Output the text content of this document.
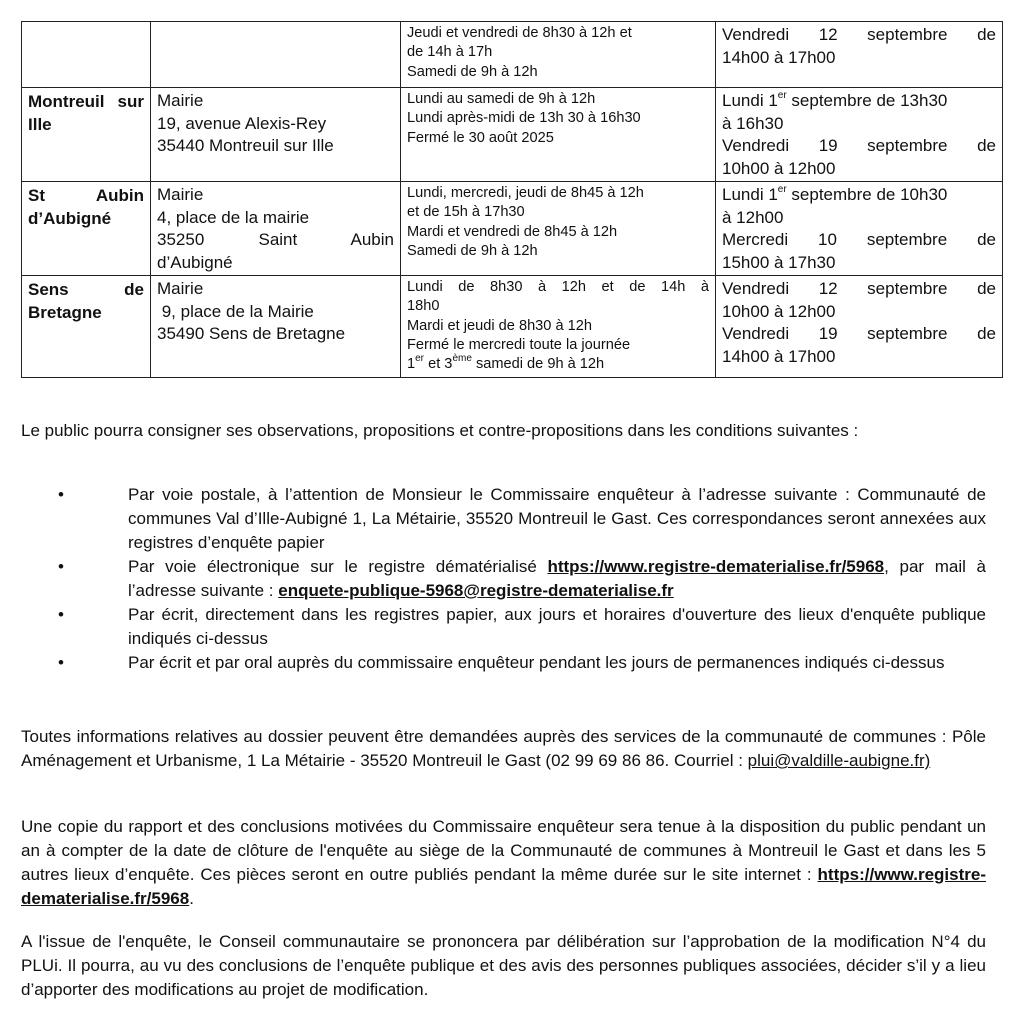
		Jeudi et vendredi de 8h30 à 12h et
de 14h à 17h
Samedi de 9h à 12h	Vendredi 12 septembre de
14h00 à 17h00

Montreuil sur Ille	Mairie
19, avenue Alexis-Rey
35440 Montreuil sur Ille	Lundi au samedi de 9h à 12h
Lundi après-midi de 13h 30 à 16h30
Fermé le 30 août 2025	Lundi 1er septembre de 13h30
à 16h30
Vendredi 19 septembre de
10h00 à 12h00

St      Aubin
d’Aubigné	Mairie
4, place de la mairie
35250 Saint Aubin
d’Aubigné	Lundi, mercredi, jeudi de 8h45 à 12h
et de 15h à 17h30
Mardi et vendredi de 8h45 à 12h
Samedi de 9h à 12h	Lundi 1er septembre de 10h30
à 12h00
Mercredi 10 septembre de
15h00 à 17h30

Sens      de
Bretagne	Mairie
9, place de la Mairie
35490 Sens de Bretagne	Lundi de 8h30 à 12h et de 14h à
18h0
Mardi et jeudi de 8h30 à 12h
Fermé le mercredi toute la journée
1er et 3ème samedi de 9h à 12h	Vendredi 12 septembre de
10h00 à 12h00
Vendredi 19 septembre de
14h00 à 17h00

Le public pourra consigner ses observations, propositions et contre-propositions dans les conditions suivantes :

•	Par voie postale, à l’attention de Monsieur le Commissaire enquêteur à l’adresse suivante : Communauté de communes Val d’Ille-Aubigné 1, La Métairie, 35520 Montreuil le Gast. Ces correspondances seront annexées aux registres d’enquête papier
•	Par voie électronique sur le registre dématérialisé https://www.registre-dematerialise.fr/5968, par mail à l’adresse suivante : enquete-publique-5968@registre-dematerialise.fr
•	Par écrit, directement dans les registres papier, aux jours et horaires d'ouverture des lieux d'enquête publique indiqués ci-dessus
•	Par écrit et par oral auprès du commissaire enquêteur pendant les jours de permanences indiqués ci-dessus

Toutes informations relatives au dossier peuvent être demandées auprès des services de la communauté de communes : Pôle Aménagement et Urbanisme, 1 La Métairie - 35520 Montreuil le Gast (02 99 69 86 86. Courriel : plui@valdille-aubigne.fr)

Une copie du rapport et des conclusions motivées du Commissaire enquêteur sera tenue à la disposition du public pendant un an à compter de la date de clôture de l'enquête au siège de la Communauté de communes à Montreuil le Gast et dans les 5 autres lieux d’enquête. Ces pièces seront en outre publiés pendant la même durée sur le site internet : https://www.registre-dematerialise.fr/5968.

A l'issue de l'enquête, le Conseil communautaire se prononcera par délibération sur l’approbation de la modification N°4 du PLUi. Il pourra, au vu des conclusions de l’enquête publique et des avis des personnes publiques associées, décider s’il y a lieu d’apporter des modifications au projet de modification.
